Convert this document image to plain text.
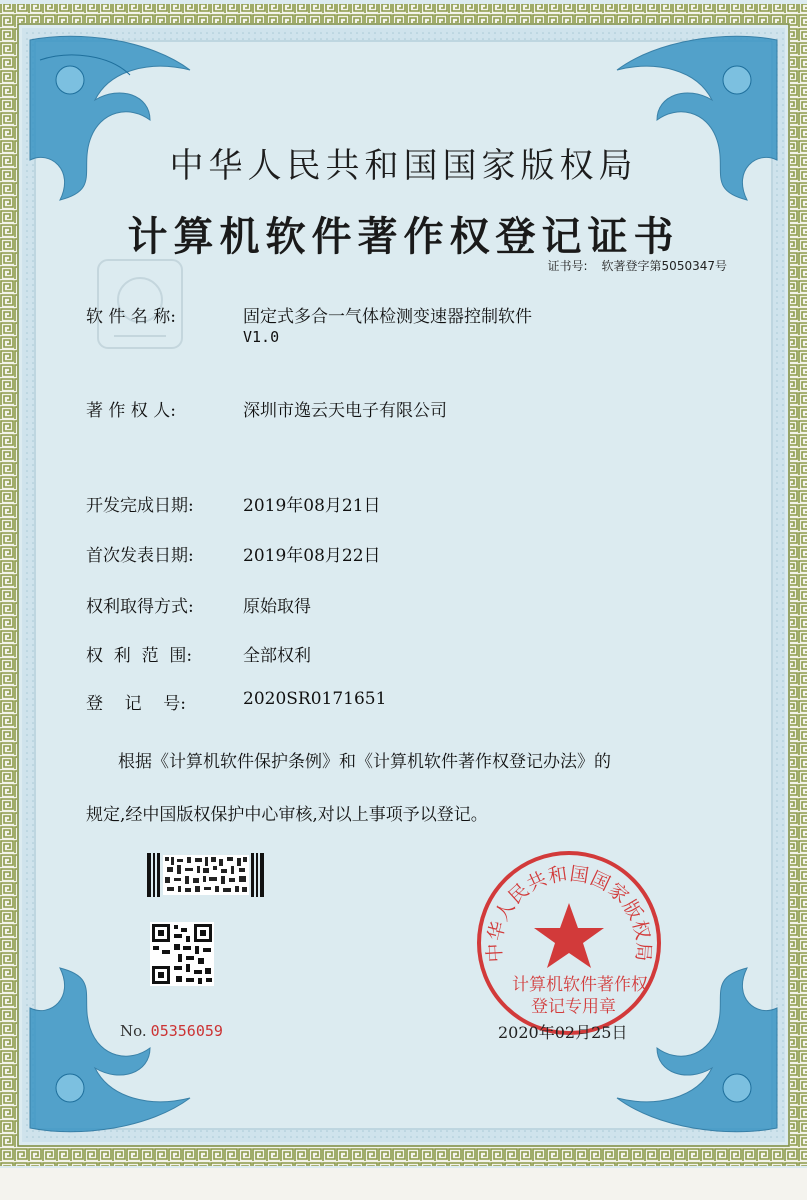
自出
中华人民共和国国家版权局
计算机软件著作权登记证书
证书号: 软著登字第5050347号
软 件 名 称:	固定式多合一气体检测变速器控制软件
V1.0
著 作 权 人:	深圳市逸云天电子有限公司
开发完成日期:	2019年08月21日
首次发表日期:	2019年08月22日
权利取得方式:	原始取得
权  利  范  围:	全部权利
登    记    号:	2020SR0171651
根据《计算机软件保护条例》和《计算机软件著作权登记办法》的
规定,经中国版权保护中心审核,对以上事项予以登记。
No. 05356059
中华人民共和国国家版权局
计算机软件著作权
登记专用章
2020年02月25日
